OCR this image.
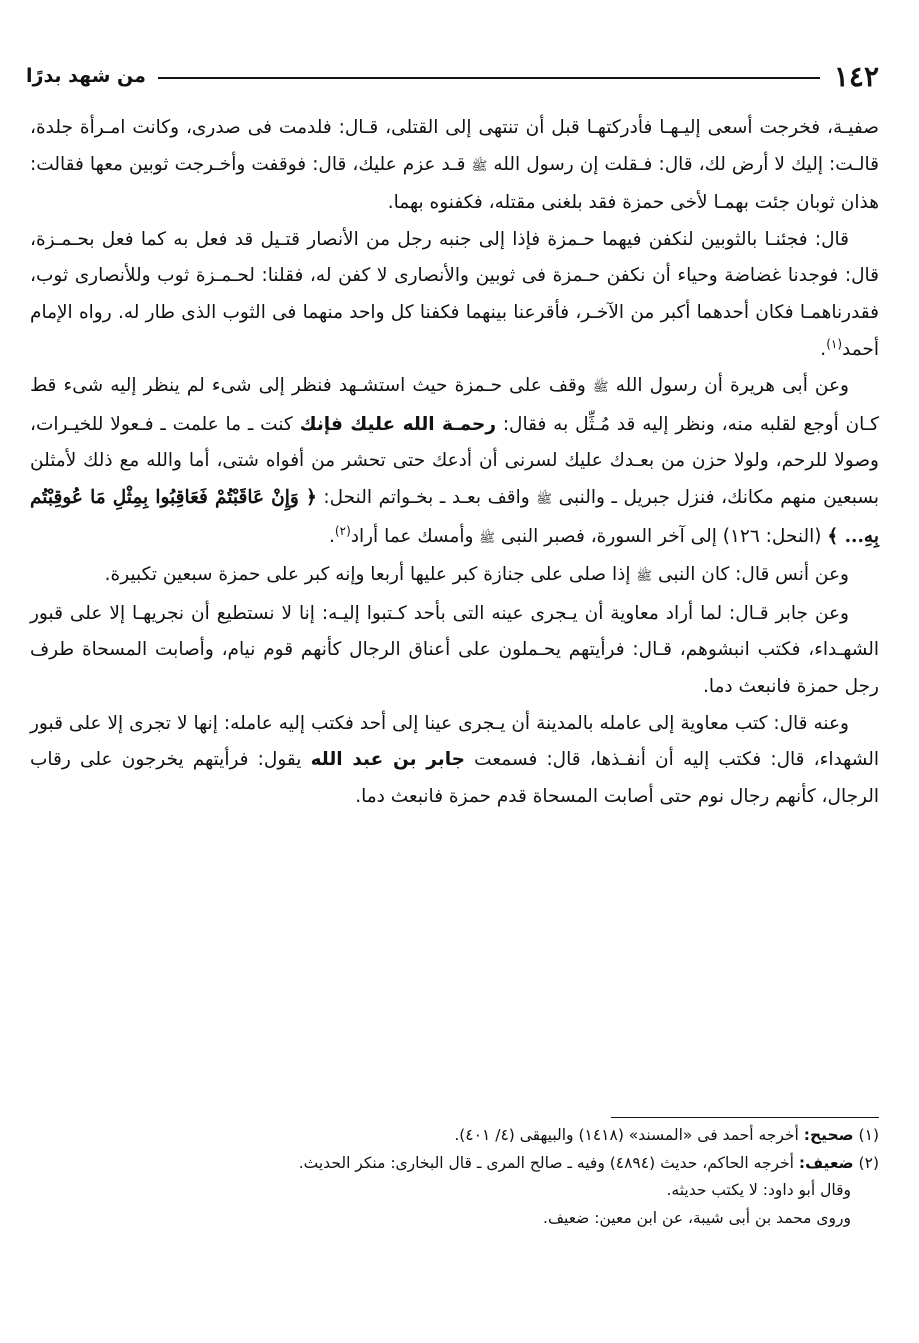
١٤٢
من شهد بدرًا

صفيـة، فخرجت أسعى إليـهـا فأدركتهـا قبل أن تنتهى إلى القتلى، قـال: فلدمت فى صدرى، وكانت امـرأة جلدة، قالـت: إليك لا أرض لك، قال: فـقلت إن رسول الله ﷺ قـد عزم عليك، قال: فوقفت وأخـرجت ثوبين معها فقالت: هذان ثوبان جئت بهمـا لأخى حمزة فقد بلغنى مقتله، فكفنوه بهما.

قال: فجئنـا بالثوبين لنكفن فيهما حـمزة فإذا إلى جنبه رجل من الأنصار قتـيل قد فعل به كما فعل بحـمـزة، قال: فوجدنا غضاضة وحياء أن نكفن حـمزة فى ثوبين والأنصارى لا كفن له، فقلنا: لحـمـزة ثوب وللأنصارى ثوب، فقدرناهمـا فكان أحدهما أكبر من الآخـر، فأقرعنا بينهما فكفنا كل واحد منهما فى الثوب الذى طار له. رواه الإمام أحمد$^{(١)}$.

وعن أبى هريرة أن رسول الله ﷺ وقف على حـمزة حيث استشـهد فنظر إلى شىء لم ينظر إليه شىء قط كـان أوجع لقلبه منه، ونظر إليه قد مُـثِّل به فقال: رحمـة الله عليك فإنك كنت ـ ما علمت ـ فـعولا للخيـرات، وصولا للرحم، ولولا حزن من بعـدك عليك لسرنى أن أدعك حتى تحشر من أفواه شتى، أما والله مع ذلك لأمثلن بسبعين منهم مكانك، فنزل جبريل ـ والنبى ﷺ واقف بعـد ـ بخـواتم النحل: ﴿ وَإِنْ عَاقَبْتُمْ فَعَاقِبُوا بِمِثْلِ مَا عُوقِبْتُم بِهِ... ﴾ (النحل: ١٢٦) إلى آخر السورة، فصبر النبى ﷺ وأمسك عما أراد$^{(٢)}$.

وعن أنس قال: كان النبى ﷺ إذا صلى على جنازة كبر عليها أربعا وإنه كبر على حمزة سبعين تكبيرة.

وعن جابر قـال: لما أراد معاوية أن يـجرى عينه التى بأحد كـتبوا إليـه: إنا لا نستطيع أن نجريهـا إلا على قبور الشهـداء، فكتب انبشوهم، قـال: فرأيتهم يحـملون على أعناق الرجال كأنهم قوم نيام، وأصابت المسحاة طرف رجل حمزة فانبعث دما.

وعنه قال: كتب معاوية إلى عامله بالمدينة أن يـجرى عينا إلى أحد فكتب إليه عامله: إنها لا تجرى إلا على قبور الشهداء، قال: فكتب إليه أن أنفـذها، قال: فسمعت جابر بن عبد الله يقول: فرأيتهم يخرجون على رقاب الرجال، كأنهم رجال نوم حتى أصابت المسحاة قدم حمزة فانبعث دما.

(١) صحيح: أخرجه أحمد فى «المسند» (١٤١٨) والبيهقى (٤/ ٤٠١).

(٢) ضعيف: أخرجه الحاكم، حديث (٤٨٩٤) وفيه ـ صالح المرى ـ قال البخارى: منكر الحديث.

وقال أبو داود: لا يكتب حديثه.

وروى محمد بن أبى شيبة، عن ابن معين: ضعيف.
